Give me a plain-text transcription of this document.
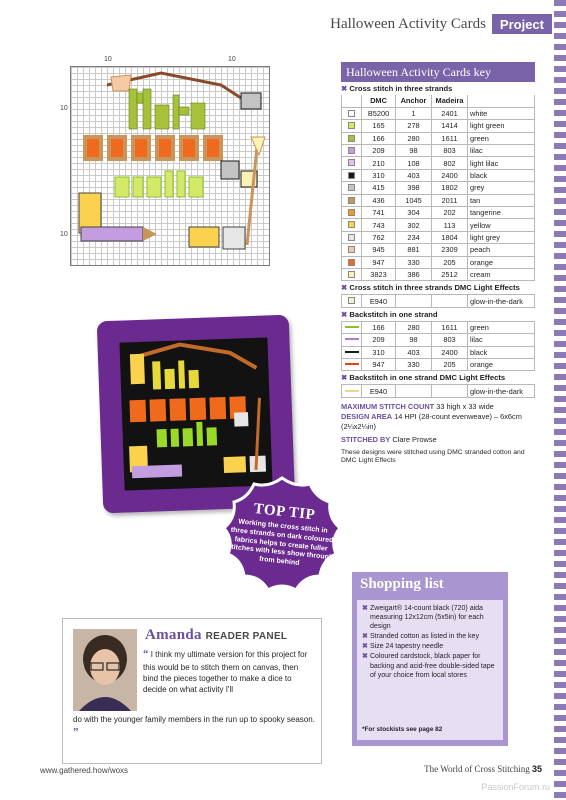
Halloween Activity Cards	Project
10	10
10
10
TOP TIP
Working the cross stitch in three strands on dark coloured fabrics helps to create fuller stitches with less show through from behind
Halloween Activity Cards key
✖ Cross stitch in three strands
	DMC	Anchor	Madeira	
	B5200	1	2401	white
	165	278	1414	light green
	166	280	1611	green
	209	98	803	lilac
	210	108	802	light lilac
	310	403	2400	black
	415	398	1802	grey
	436	1045	2011	tan
	741	304	202	tangerine
	743	302	113	yellow
	762	234	1804	light grey
	945	881	2309	peach
	947	330	205	orange
	3823	386	2512	cream
✖ Cross stitch in three strands DMC Light Effects
	E940			glow-in-the-dark
✖ Backstitch in one strand
	166	280	1611	green
	209	98	803	lilac
	310	403	2400	black
	947	330	205	orange
✖ Backstitch in one strand DMC Light Effects
	E940			glow-in-the-dark
MAXIMUM STITCH COUNT 33 high x 33 wide
DESIGN AREA 14 HPI (28-count evenweave) – 6x6cm (2¼x2¼in)
STITCHED BY Clare Prowse
These designs were stitched using DMC stranded cotton and DMC Light Effects
Shopping list
✖ Zweigart® 14-count black (720) aida measuring 12x12cm (5x5in) for each design
✖ Stranded cotton as listed in the key
✖ Size 24 tapestry needle
✖ Coloured cardstock, black paper for backing and acid-free double-sided tape of your choice from local stores
*For stockists see page 82
Amanda READER PANEL
“ I think my ultimate version for this project for this would be to stitch them on canvas, then bind the pieces together to make a dice to decide on what activity I'll
do with the younger family members in the run up to spooky season. ”
www.gathered.how/woxs	The World of Cross Stitching 35
PassionForum.ru
